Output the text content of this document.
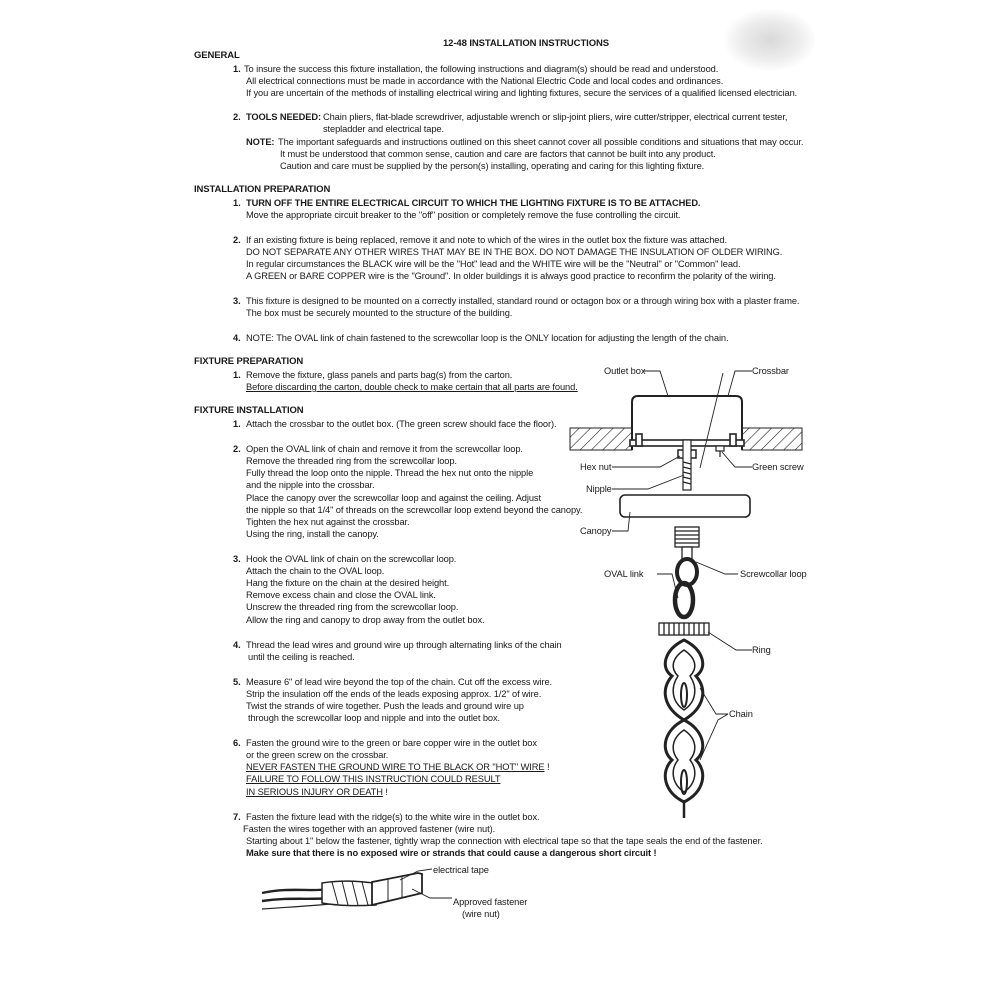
12-48 INSTALLATION INSTRUCTIONS
GENERAL
1. To insure the success this fixture installation, the following instructions and diagram(s) should be read and understood.
All electrical connections must be made in accordance with the National Electric Code and local codes and ordinances.
If you are uncertain of the methods of installing electrical wiring and lighting fixtures, secure the services of a qualified licensed electrician.
2. TOOLS NEEDED: Chain pliers, flat-blade screwdriver, adjustable wrench or slip-joint pliers, wire cutter/stripper, electrical current tester,
stepladder and electrical tape.
NOTE: The important safeguards and instructions outlined on this sheet cannot cover all possible conditions and situations that may occur.
It must be understood that common sense, caution and care are factors that cannot be built into any product.
Caution and care must be supplied by the person(s) installing, operating and caring for this lighting fixture.
INSTALLATION PREPARATION
1. TURN OFF THE ENTIRE ELECTRICAL CIRCUIT TO WHICH THE LIGHTING FIXTURE IS TO BE ATTACHED.
Move the appropriate circuit breaker to the "off" position or completely remove the fuse controlling the circuit.
2. If an existing fixture is being replaced, remove it and note to which of the wires in the outlet box the fixture was attached.
DO NOT SEPARATE ANY OTHER WIRES THAT MAY BE IN THE BOX. DO NOT DAMAGE THE INSULATION OF OLDER WIRING.
In regular circumstances the BLACK wire will be the "Hot" lead and the WHITE wire will be the "Neutral" or "Common" lead.
A GREEN or BARE COPPER wire is the "Ground". In older buildings it is always good practice to reconfirm the polarity of the wiring.
3. This fixture is designed to be mounted on a correctly installed, standard round or octagon box or a through wiring box with a plaster frame.
The box must be securely mounted to the structure of the building.
4. NOTE: The OVAL link of chain fastened to the screwcollar loop is the ONLY location for adjusting the length of the chain.
FIXTURE PREPARATION
1. Remove the fixture, glass panels and parts bag(s) from the carton.
Before discarding the carton, double check to make certain that all parts are found.
FIXTURE INSTALLATION
1. Attach the crossbar to the outlet box. (The green screw should face the floor).
2. Open the OVAL link of chain and remove it from the screwcollar loop.
Remove the threaded ring from the screwcollar loop.
Fully thread the loop onto the nipple. Thread the hex nut onto the nipple
and the nipple into the crossbar.
Place the canopy over the screwcollar loop and against the ceiling. Adjust
the nipple so that 1/4" of threads on the screwcollar loop extend beyond the canopy.
Tighten the hex nut against the crossbar.
Using the ring, install the canopy.
3. Hook the OVAL link of chain on the screwcollar loop.
Attach the chain to the OVAL loop.
Hang the fixture on the chain at the desired height.
Remove excess chain and close the OVAL link.
Unscrew the threaded ring from the screwcollar loop.
Allow the ring and canopy to drop away from the outlet box.
4. Thread the lead wires and ground wire up through alternating links of the chain
until the ceiling is reached.
5. Measure 6" of lead wire beyond the top of the chain. Cut off the excess wire.
Strip the insulation off the ends of the leads exposing approx. 1/2" of wire.
Twist the strands of wire together. Push the leads and ground wire up
through the screwcollar loop and nipple and into the outlet box.
6. Fasten the ground wire to the green or bare copper wire in the outlet box
or the green screw on the crossbar.
NEVER FASTEN THE GROUND WIRE TO THE BLACK OR "HOT" WIRE !
FAILURE TO FOLLOW THIS INSTRUCTION COULD RESULT
IN SERIOUS INJURY OR DEATH !
7. Fasten the fixture lead with the ridge(s) to the white wire in the outlet box.
Fasten the wires together with an approved fastener (wire nut).
Starting about 1" below the fastener, tightly wrap the connection with electrical tape so that the tape seals the end of the fastener.
Make sure that there is no exposed wire or strands that could cause a dangerous short circuit !
Outlet box	Crossbar
Hex nut	Green screw
Nipple
Canopy
OVAL link	Screwcollar loop
Ring
Chain
electrical tape
Approved fastener
(wire nut)
